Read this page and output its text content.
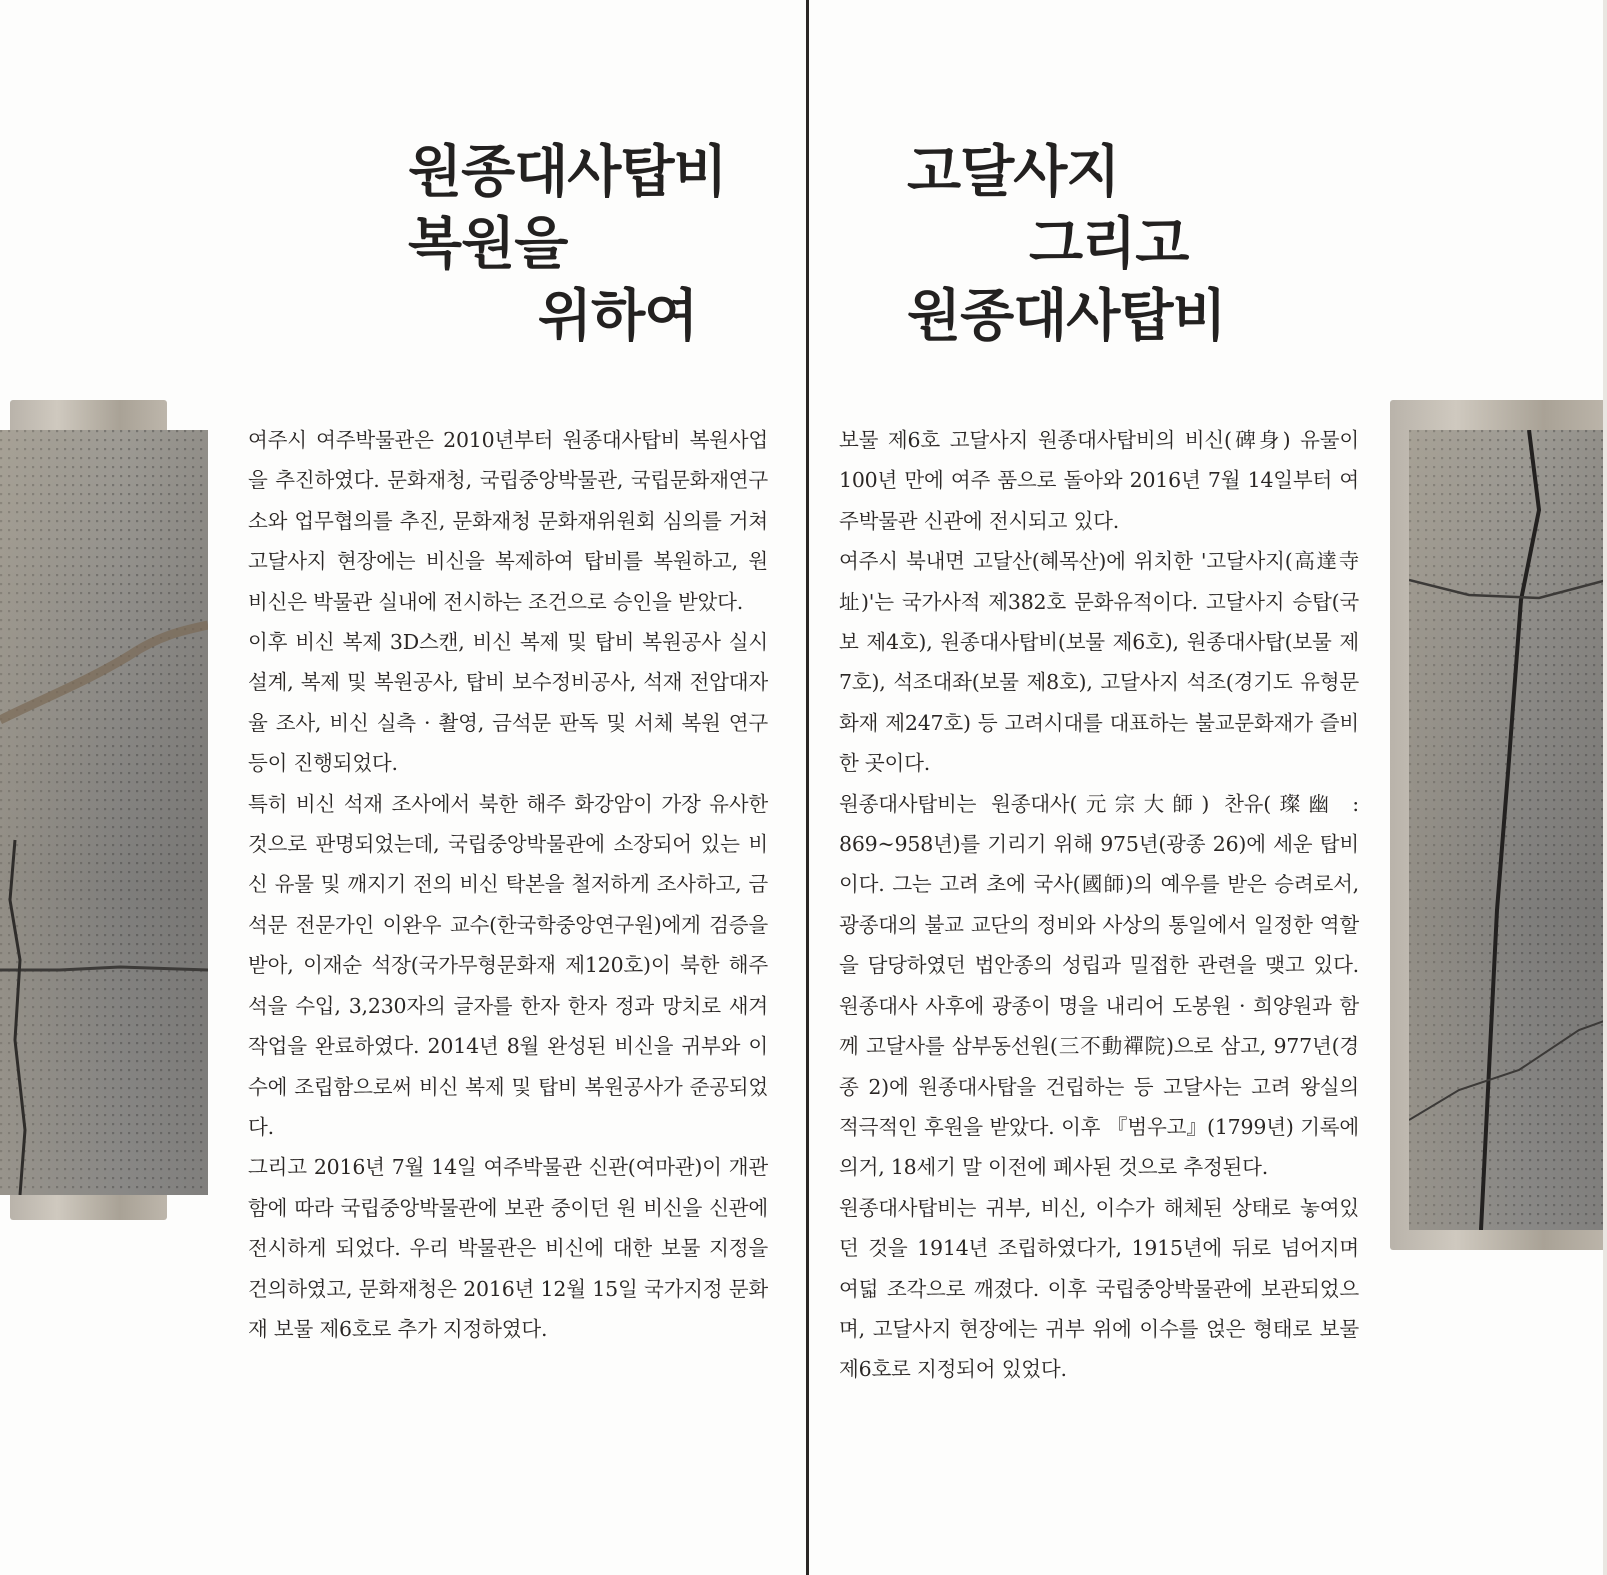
원종대사탑비
복원을
위하여

여주시 여주박물관은 2010년부터 원종대사탑비 복원사업을 추진하였다. 문화재청, 국립중앙박물관, 국립문화재연구소와 업무협의를 추진, 문화재청 문화재위원회 심의를 거쳐 고달사지 현장에는 비신을 복제하여 탑비를 복원하고, 원 비신은 박물관 실내에 전시하는 조건으로 승인을 받았다.

이후 비신 복제 3D스캔, 비신 복제 및 탑비 복원공사 실시설계, 복제 및 복원공사, 탑비 보수정비공사, 석재 전압대자율 조사, 비신 실측 · 촬영, 금석문 판독 및 서체 복원 연구 등이 진행되었다.

특히 비신 석재 조사에서 북한 해주 화강암이 가장 유사한 것으로 판명되었는데, 국립중앙박물관에 소장되어 있는 비신 유물 및 깨지기 전의 비신 탁본을 철저하게 조사하고, 금석문 전문가인 이완우 교수(한국학중앙연구원)에게 검증을 받아, 이재순 석장(국가무형문화재 제120호)이 북한 해주석을 수입, 3,230자의 글자를 한자 한자 정과 망치로 새겨 작업을 완료하였다. 2014년 8월 완성된 비신을 귀부와 이수에 조립함으로써 비신 복제 및 탑비 복원공사가 준공되었다.

그리고 2016년 7월 14일 여주박물관 신관(여마관)이 개관함에 따라 국립중앙박물관에 보관 중이던 원 비신을 신관에 전시하게 되었다. 우리 박물관은 비신에 대한 보물 지정을 건의하였고, 문화재청은 2016년 12월 15일 국가지정 문화재 보물 제6호로 추가 지정하였다.

고달사지
그리고
원종대사탑비

보물 제6호 고달사지 원종대사탑비의 비신(碑身) 유물이 100년 만에 여주 품으로 돌아와 2016년 7월 14일부터 여주박물관 신관에 전시되고 있다.

여주시 북내면 고달산(혜목산)에 위치한 '고달사지(高達寺址)'는 국가사적 제382호 문화유적이다. 고달사지 승탑(국보 제4호), 원종대사탑비(보물 제6호), 원종대사탑(보물 제7호), 석조대좌(보물 제8호), 고달사지 석조(경기도 유형문화재 제247호) 등 고려시대를 대표하는 불교문화재가 즐비한 곳이다.

원종대사탑비는 원종대사(元宗大師) 찬유(璨幽 : 869~958년)를 기리기 위해 975년(광종 26)에 세운 탑비이다. 그는 고려 초에 국사(國師)의 예우를 받은 승려로서, 광종대의 불교 교단의 정비와 사상의 통일에서 일정한 역할을 담당하였던 법안종의 성립과 밀접한 관련을 맺고 있다. 원종대사 사후에 광종이 명을 내리어 도봉원 · 희양원과 함께 고달사를 삼부동선원(三不動禪院)으로 삼고, 977년(경종 2)에 원종대사탑을 건립하는 등 고달사는 고려 왕실의 적극적인 후원을 받았다. 이후 『범우고』(1799년) 기록에 의거, 18세기 말 이전에 폐사된 것으로 추정된다.

원종대사탑비는 귀부, 비신, 이수가 해체된 상태로 놓여있던 것을 1914년 조립하였다가, 1915년에 뒤로 넘어지며 여덟 조각으로 깨졌다. 이후 국립중앙박물관에 보관되었으며, 고달사지 현장에는 귀부 위에 이수를 얹은 형태로 보물 제6호로 지정되어 있었다.
